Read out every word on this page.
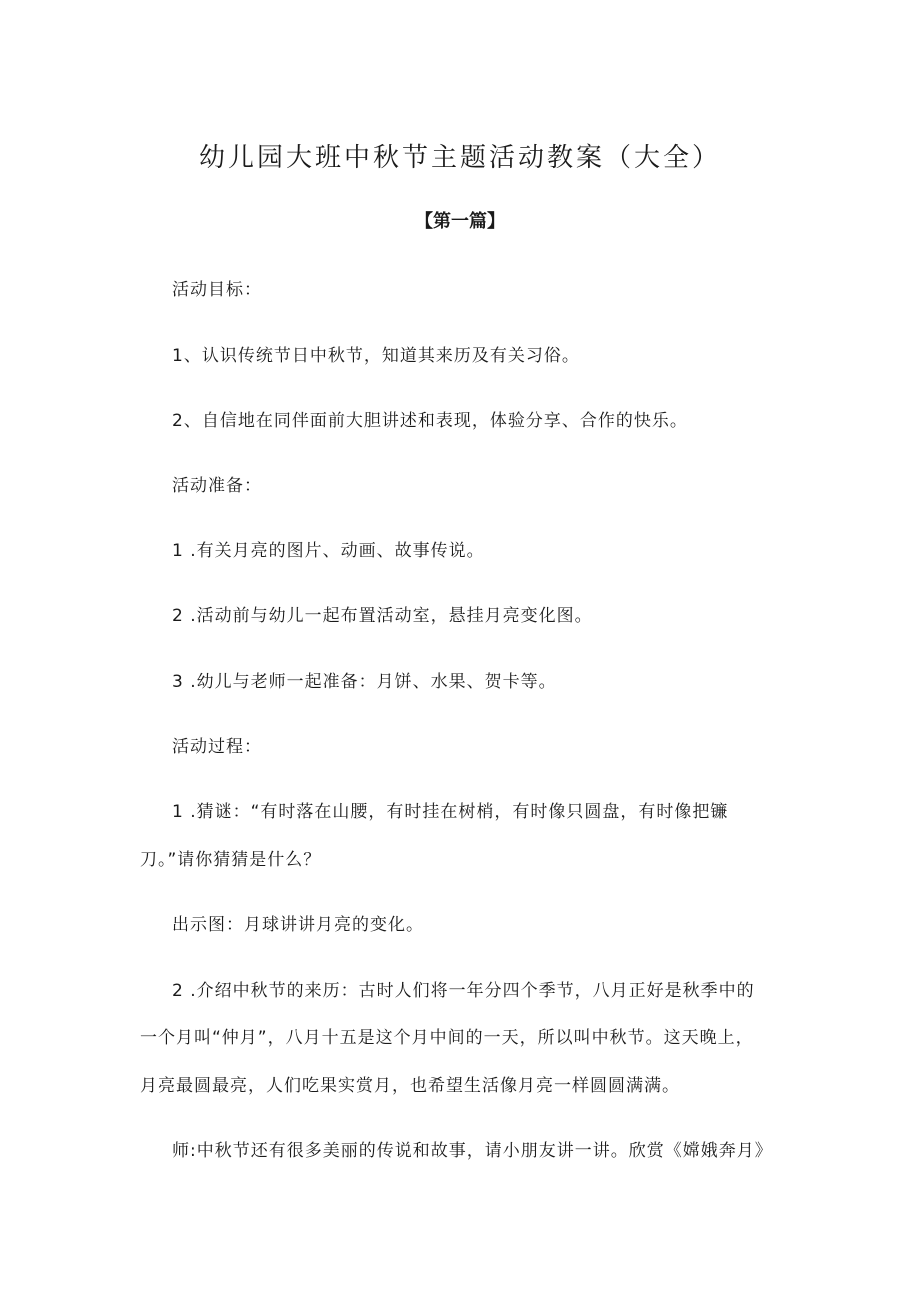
幼儿园大班中秋节主题活动教案（大全）
【第一篇】
活动目标：
1、认识传统节日中秋节，知道其来历及有关习俗。
2、自信地在同伴面前大胆讲述和表现，体验分享、合作的快乐。
活动准备：
1 .有关月亮的图片、动画、故事传说。
2 .活动前与幼儿一起布置活动室，悬挂月亮变化图。
3 .幼儿与老师一起准备：月饼、水果、贺卡等。
活动过程：
1 .猜谜：“有时落在山腰，有时挂在树梢，有时像只圆盘，有时像把镰
刀。”请你猜猜是什么？
出示图：月球讲讲月亮的变化。
2 .介绍中秋节的来历：古时人们将一年分四个季节，八月正好是秋季中的
一个月叫“仲月”，八月十五是这个月中间的一天，所以叫中秋节。这天晚上，
月亮最圆最亮，人们吃果实赏月，也希望生活像月亮一样圆圆满满。
师:中秋节还有很多美丽的传说和故事，请小朋友讲一讲。欣赏《嫦娥奔月》
